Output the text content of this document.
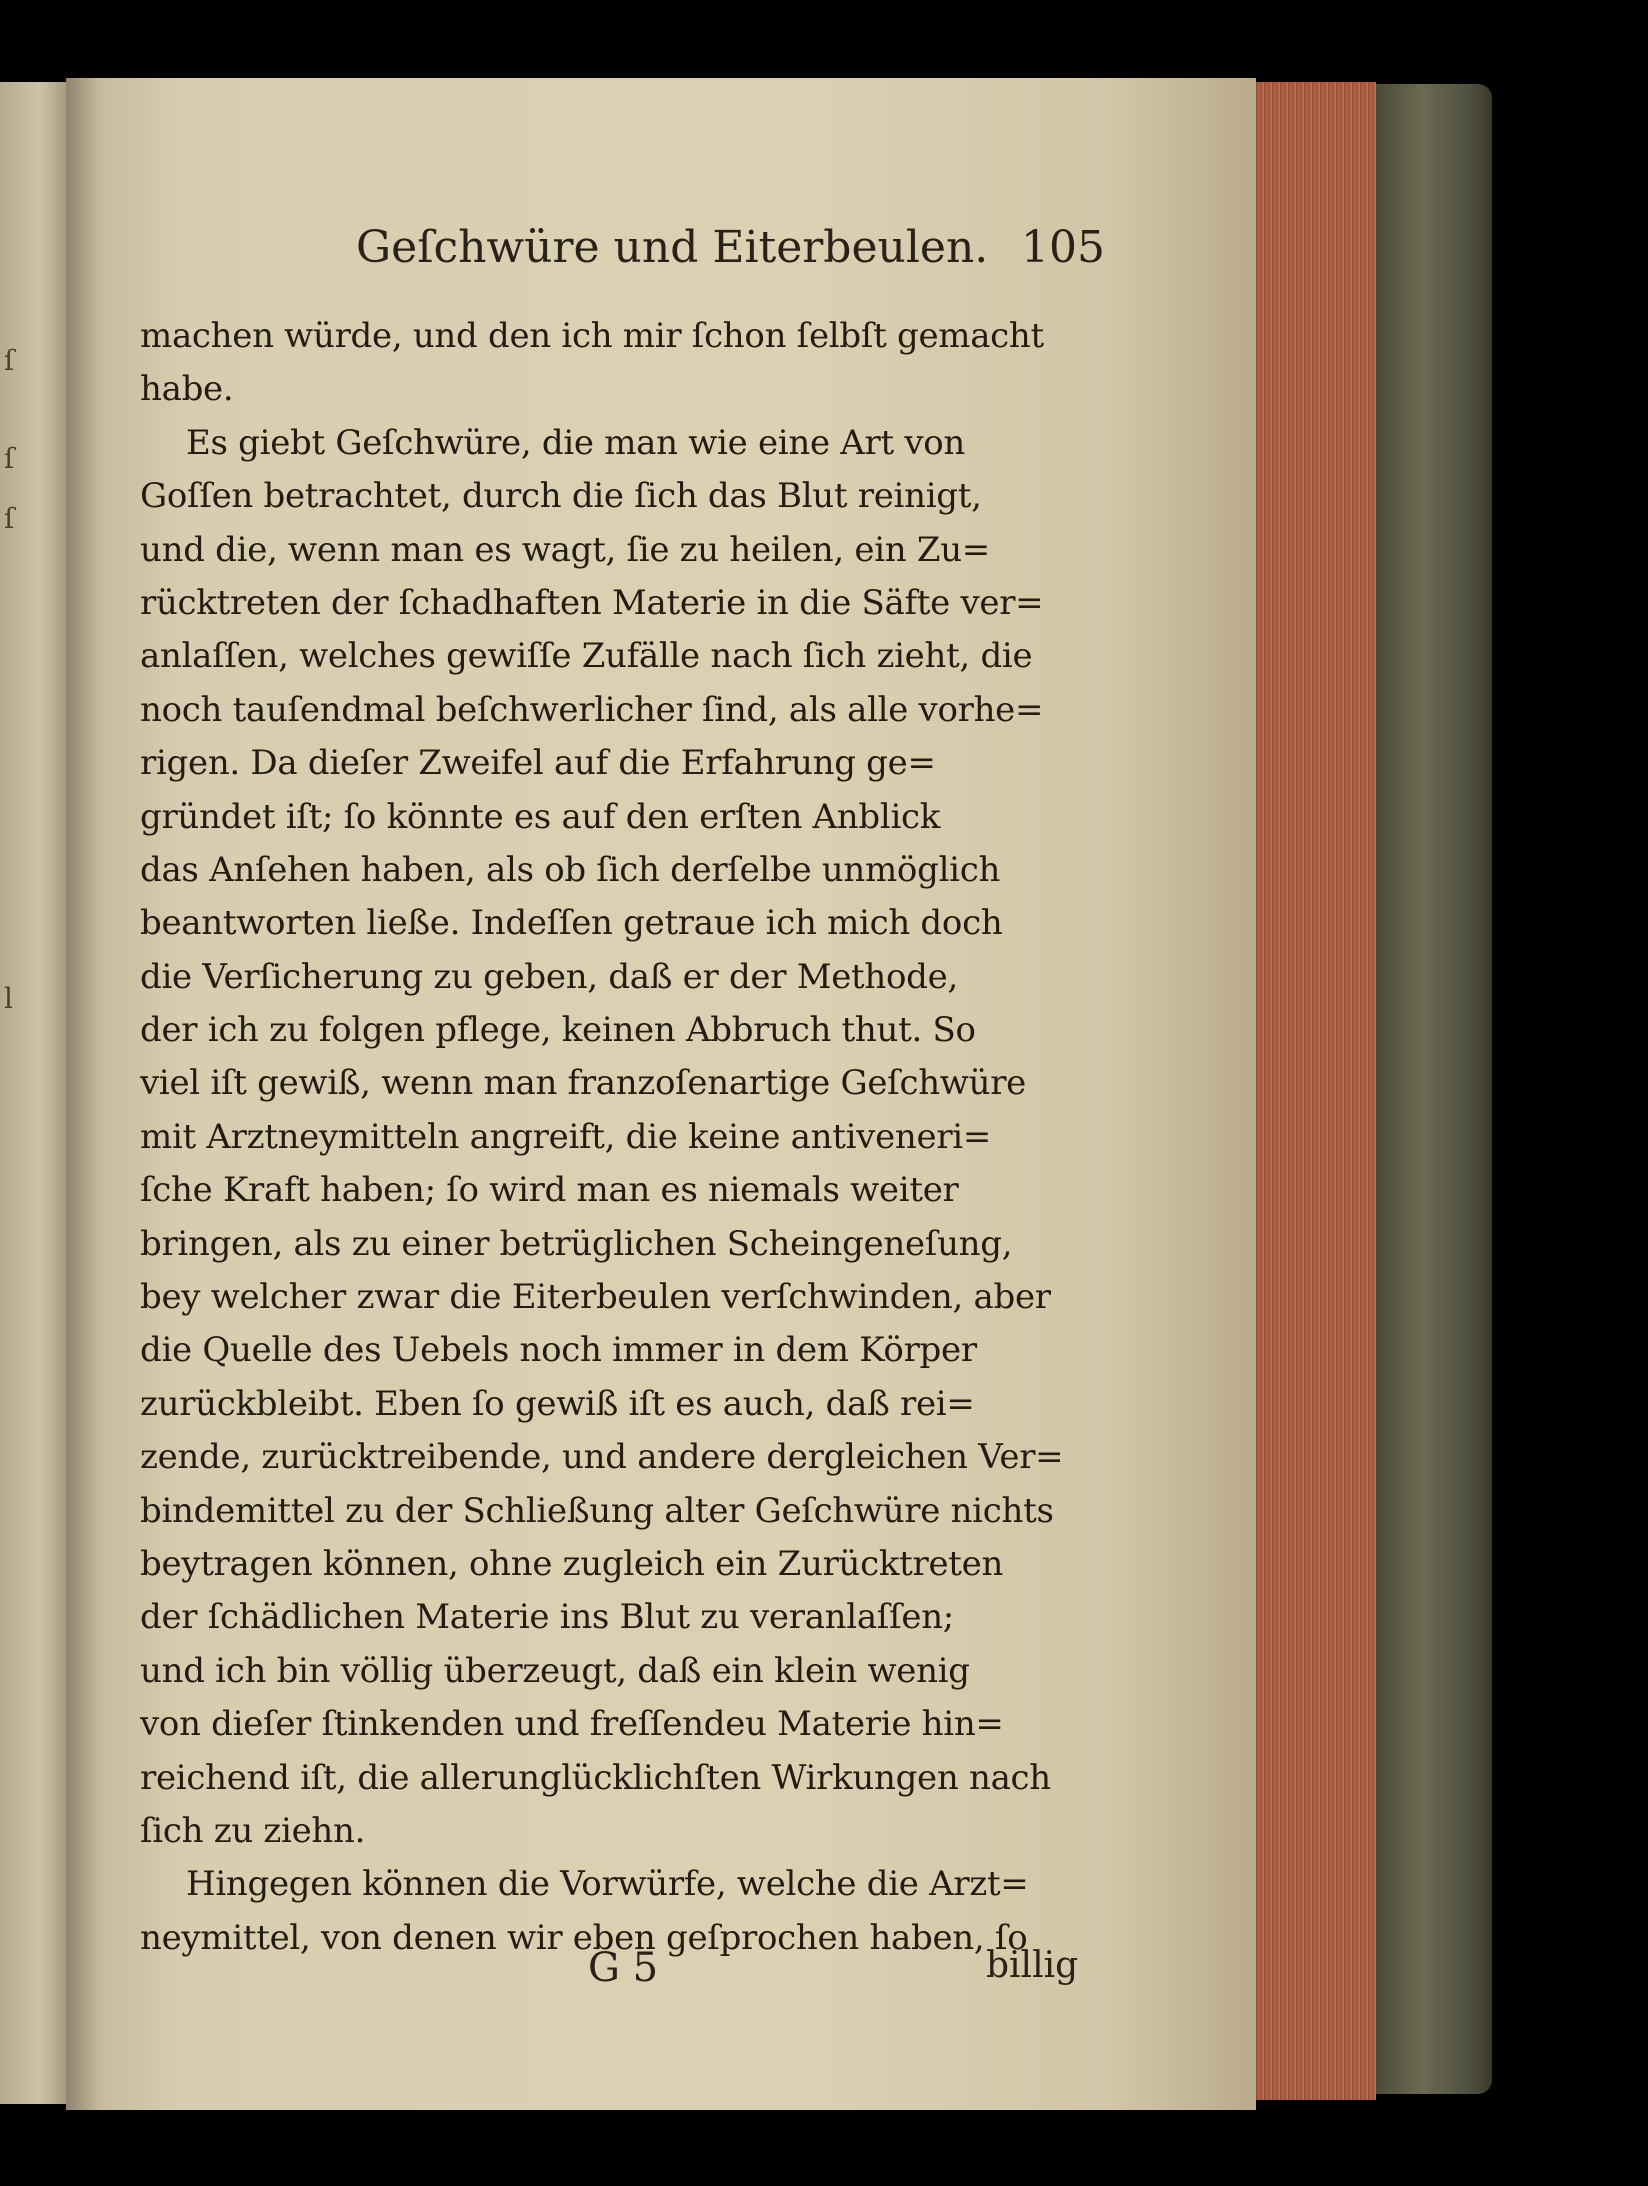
ſ
ſ
ſ
l
Geſchwüre und Eiterbeulen. 105
machen würde, und den ich mir ſchon ſelbſt gemacht
habe.
Es giebt Geſchwüre, die man wie eine Art von
Goſſen betrachtet, durch die ſich das Blut reinigt,
und die, wenn man es wagt, ſie zu heilen, ein Zu=
rücktreten der ſchadhaften Materie in die Säfte ver=
anlaſſen, welches gewiſſe Zufälle nach ſich zieht, die
noch tauſendmal beſchwerlicher ſind, als alle vorhe=
rigen. Da dieſer Zweifel auf die Erfahrung ge=
gründet iſt; ſo könnte es auf den erſten Anblick
das Anſehen haben, als ob ſich derſelbe unmöglich
beantworten ließe. Indeſſen getraue ich mich doch
die Verſicherung zu geben, daß er der Methode,
der ich zu folgen pflege, keinen Abbruch thut. So
viel iſt gewiß, wenn man franzoſenartige Geſchwüre
mit Arztneymitteln angreift, die keine antiveneri=
ſche Kraft haben; ſo wird man es niemals weiter
bringen, als zu einer betrüglichen Scheingeneſung,
bey welcher zwar die Eiterbeulen verſchwinden, aber
die Quelle des Uebels noch immer in dem Körper
zurückbleibt. Eben ſo gewiß iſt es auch, daß rei=
zende, zurücktreibende, und andere dergleichen Ver=
bindemittel zu der Schließung alter Geſchwüre nichts
beytragen können, ohne zugleich ein Zurücktreten
der ſchädlichen Materie ins Blut zu veranlaſſen;
und ich bin völlig überzeugt, daß ein klein wenig
von dieſer ſtinkenden und freſſendeu Materie hin=
reichend iſt, die allerunglücklichſten Wirkungen nach
ſich zu ziehn.
Hingegen können die Vorwürfe, welche die Arzt=
neymittel, von denen wir eben geſprochen haben, ſo
G 5	billig
